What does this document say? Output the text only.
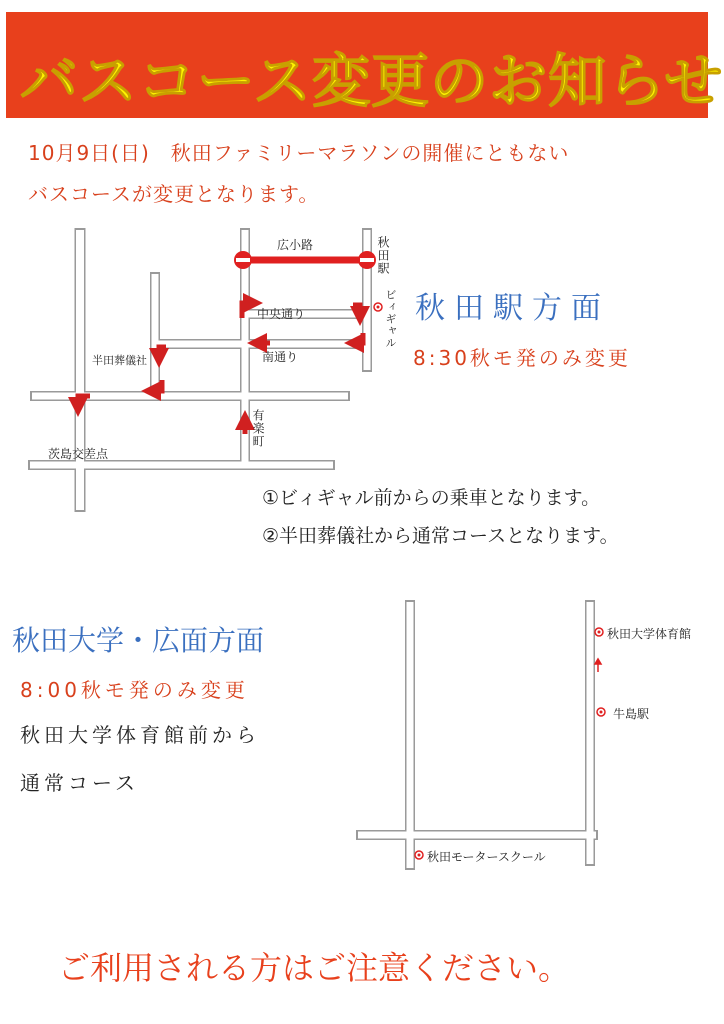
バスコース変更のお知らせ
10月9日(日)　秋田ファミリーマラソンの開催にともない
バスコースが変更となります。
広小路	秋田駅
ビィギャル
中央通り
南通り
半田葬儀社
有楽町
茨島交差点
秋田駅方面
8:30秋モ発のみ変更
①ビィギャル前からの乗車となります。
②半田葬儀社から通常コースとなります。
秋田大学・広面方面
8:00秋モ発のみ変更
秋田大学体育館前から
通常コース
秋田大学体育館
牛島駅
秋田モータースクール
ご利用される方はご注意ください。
